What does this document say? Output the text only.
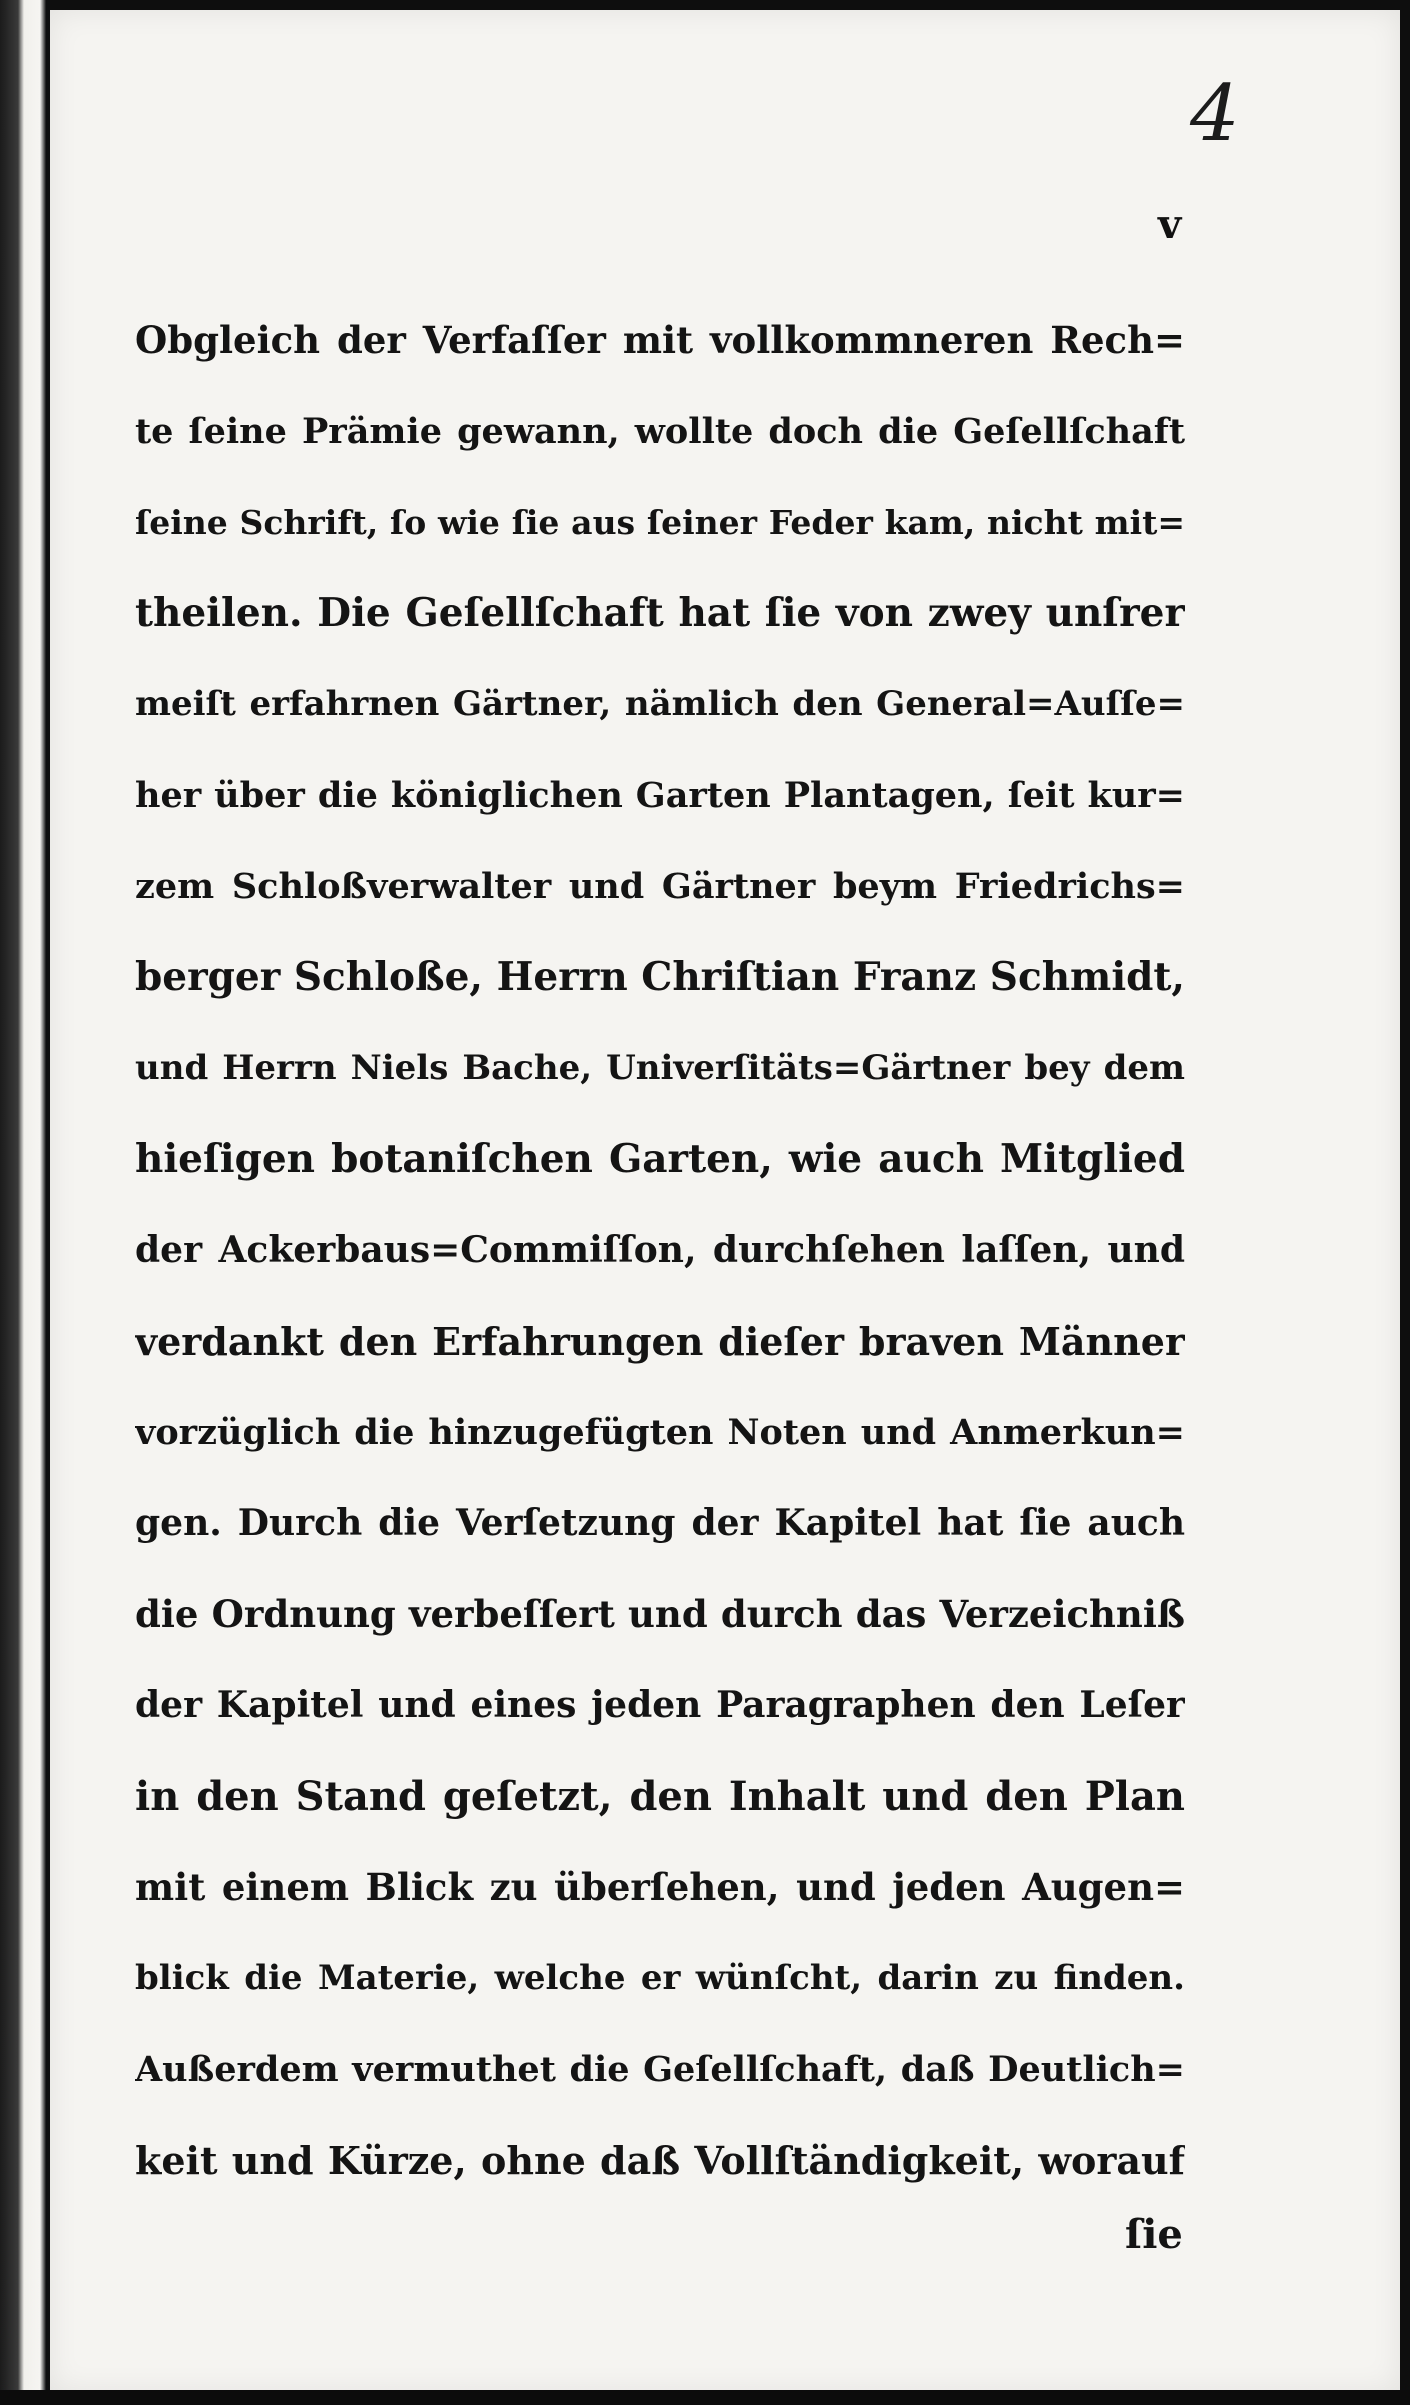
4
v
Obgleich der Verfaſſer mit vollkommneren Rech=
te ſeine Prämie gewann, wollte doch die Geſellſchaft
ſeine Schrift, ſo wie ſie aus ſeiner Feder kam, nicht mit=
theilen. Die Geſellſchaft hat ſie von zwey unſrer
meiſt erfahrnen Gärtner, nämlich den General=Auſſe=
her über die königlichen Garten Plantagen, ſeit kur=
zem Schloßverwalter und Gärtner beym Friedrichs=
berger Schloße, Herrn Chriſtian Franz Schmidt,
und Herrn Niels Bache, Univerſitäts=Gärtner bey dem
hieſigen botaniſchen Garten, wie auch Mitglied
der Ackerbaus=Commiſſon, durchſehen laſſen, und
verdankt den Erfahrungen dieſer braven Männer
vorzüglich die hinzugefügten Noten und Anmerkun=
gen. Durch die Verſetzung der Kapitel hat ſie auch
die Ordnung verbeſſert und durch das Verzeichniß
der Kapitel und eines jeden Paragraphen den Leſer
in den Stand geſetzt, den Inhalt und den Plan
mit einem Blick zu überſehen, und jeden Augen=
blick die Materie, welche er wünſcht, darin zu finden.
Außerdem vermuthet die Geſellſchaft, daß Deutlich=
keit und Kürze, ohne daß Vollſtändigkeit, worauf
ſie
